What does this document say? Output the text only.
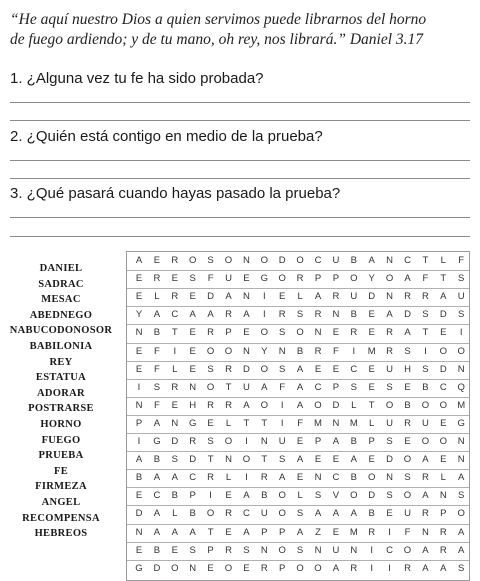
“He aquí nuestro Dios a quien servimos puede librarnos del horno
de fuego ardiendo; y de tu mano, oh rey, nos librará.” Daniel 3.17
1. ¿Alguna vez tu fe ha sido probada?
2. ¿Quién está contigo en medio de la prueba?
3. ¿Qué pasará cuando hayas pasado la prueba?
DANIEL
SADRAC
MESAC
ABEDNEGO
NABUCODONOSOR
BABILONIA
REY
ESTATUA
ADORAR
POSTRARSE
HORNO
FUEGO
PRUEBA
FE
FIRMEZA
ANGEL
RECOMPENSA
HEBREOS
A	E	R	O	S	O	N	O	D	O	C	U	B	A	N	C	T	L	F
E	R	E	S	F	U	E	G	O	R	P	P	O	Y	O	A	F	T	S
E	L	R	E	D	A	N	I	E	L	A	R	U	D	N	R	R	A	U
Y	A	C	A	A	R	A	I	R	S	R	N	B	E	A	D	S	D	S
N	B	T	E	R	P	E	O	S	O	N	E	R	E	R	A	T	E	I
E	F	I	E	O	O	N	Y	N	B	R	F	I	M	R	S	I	O	O
E	F	L	E	S	R	D	O	S	A	E	E	C	E	U	H	S	D	N
I	S	R	N	O	T	U	A	F	A	C	P	S	E	S	E	B	C	Q
N	F	E	H	R	R	A	O	I	A	O	D	L	T	O	B	O	O	M
P	A	N	G	E	L	T	T	I	F	M	N	M	L	U	R	U	E	G
I	G	D	R	S	O	I	N	U	E	P	A	B	P	S	E	O	O	N
A	B	S	D	T	N	O	T	S	A	E	E	A	E	D	O	A	E	N
B	A	A	C	R	L	I	R	A	E	N	C	B	O	N	S	R	L	A
E	C	B	P	I	E	A	B	O	L	S	V	O	D	S	O	A	N	S
D	A	L	B	O	R	C	U	O	S	A	A	A	B	E	U	R	P	O
N	A	A	A	T	E	A	P	P	A	Z	E	M	R	I	F	N	R	A
E	B	E	S	P	R	S	N	O	S	N	U	N	I	C	O	A	R	A
G	D	O	N	E	O	E	R	P	O	O	A	R	I	I	R	A	A	S
